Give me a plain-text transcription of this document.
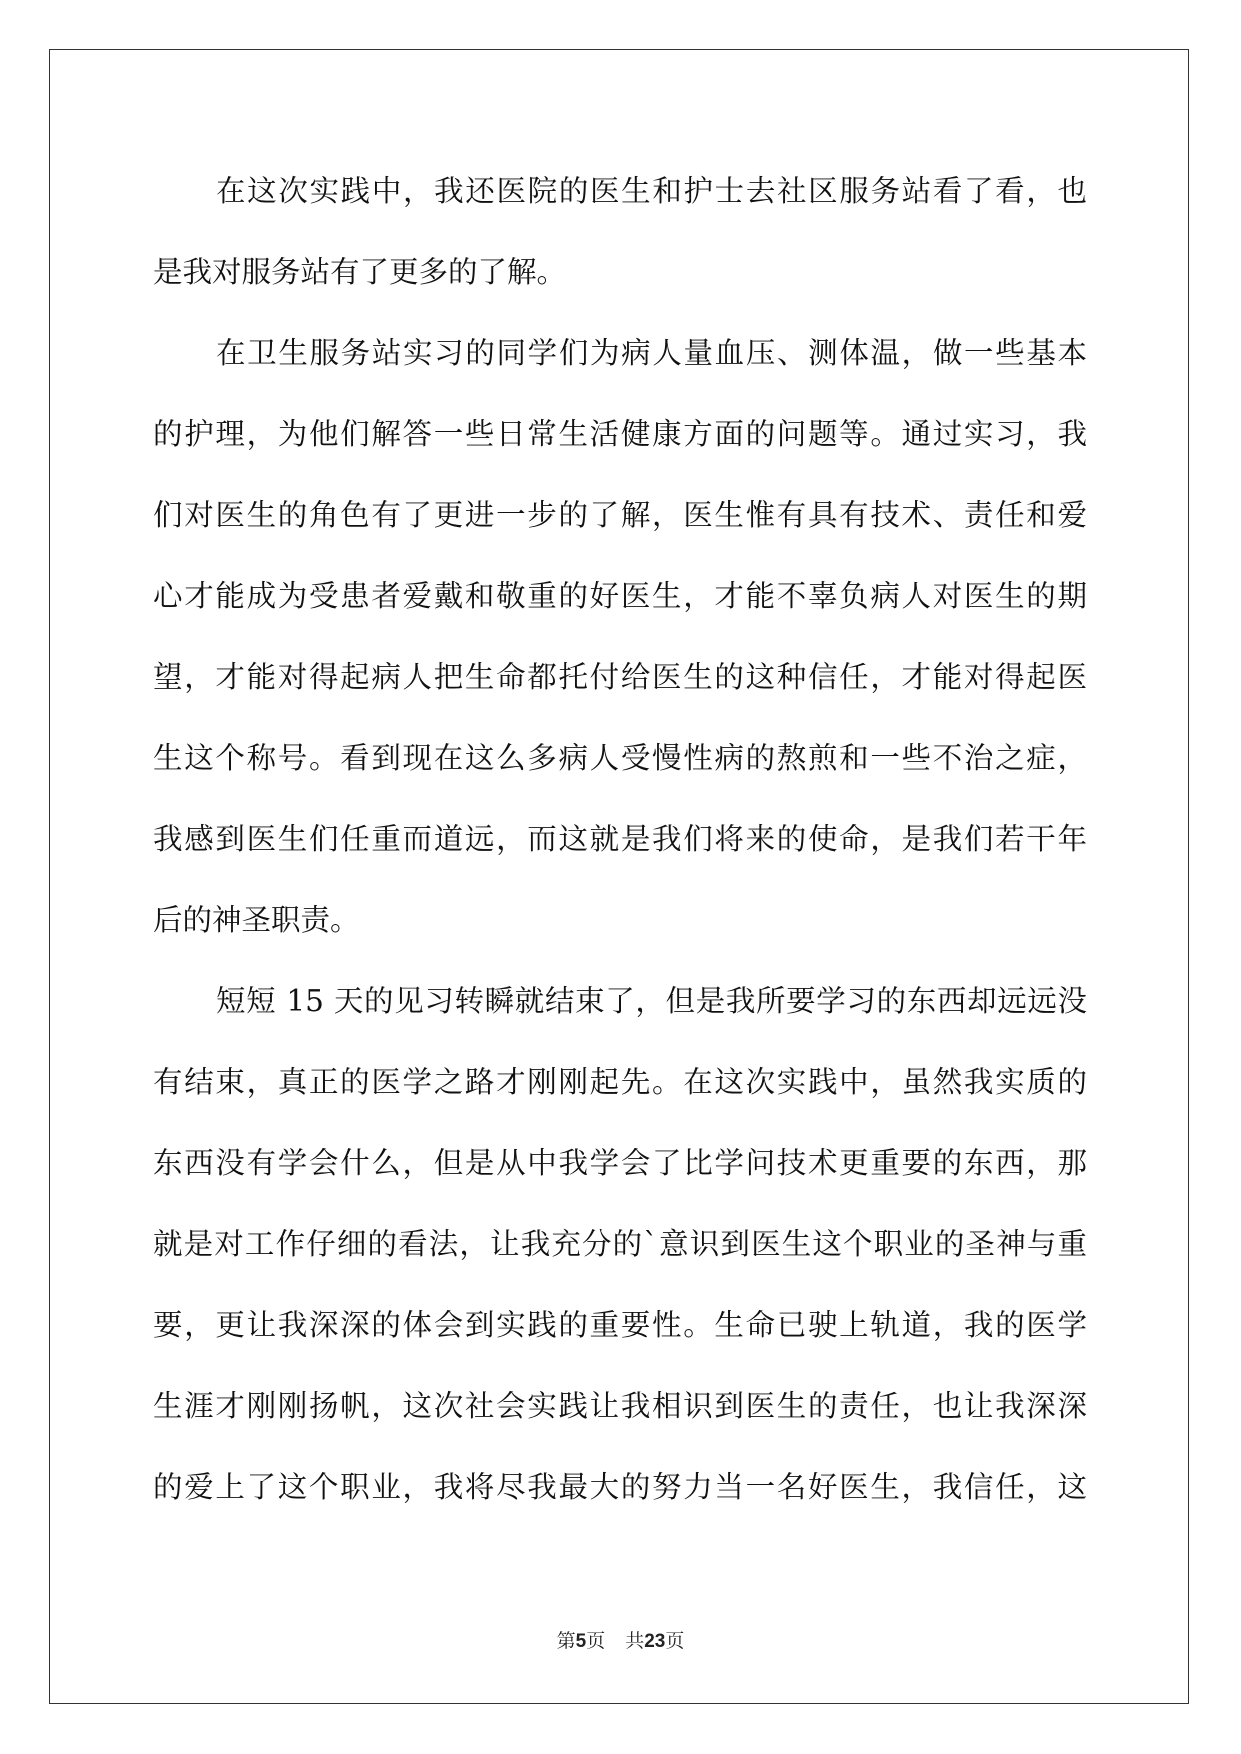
在这次实践中，我还医院的医生和护士去社区服务站看了看，也
是我对服务站有了更多的了解。
在卫生服务站实习的同学们为病人量血压、测体温，做一些基本
的护理，为他们解答一些日常生活健康方面的问题等。通过实习，我
们对医生的角色有了更进一步的了解，医生惟有具有技术、责任和爱
心才能成为受患者爱戴和敬重的好医生，才能不辜负病人对医生的期
望，才能对得起病人把生命都托付给医生的这种信任，才能对得起医
生这个称号。看到现在这么多病人受慢性病的熬煎和一些不治之症，
我感到医生们任重而道远，而这就是我们将来的使命，是我们若干年
后的神圣职责。
短短 15 天的见习转瞬就结束了，但是我所要学习的东西却远远没
有结束，真正的医学之路才刚刚起先。在这次实践中，虽然我实质的
东西没有学会什么，但是从中我学会了比学问技术更重要的东西，那
就是对工作仔细的看法，让我充分的`意识到医生这个职业的圣神与重
要，更让我深深的体会到实践的重要性。生命已驶上轨道，我的医学
生涯才刚刚扬帆，这次社会实践让我相识到医生的责任，也让我深深
的爱上了这个职业，我将尽我最大的努力当一名好医生，我信任，这
第5页 共23页
